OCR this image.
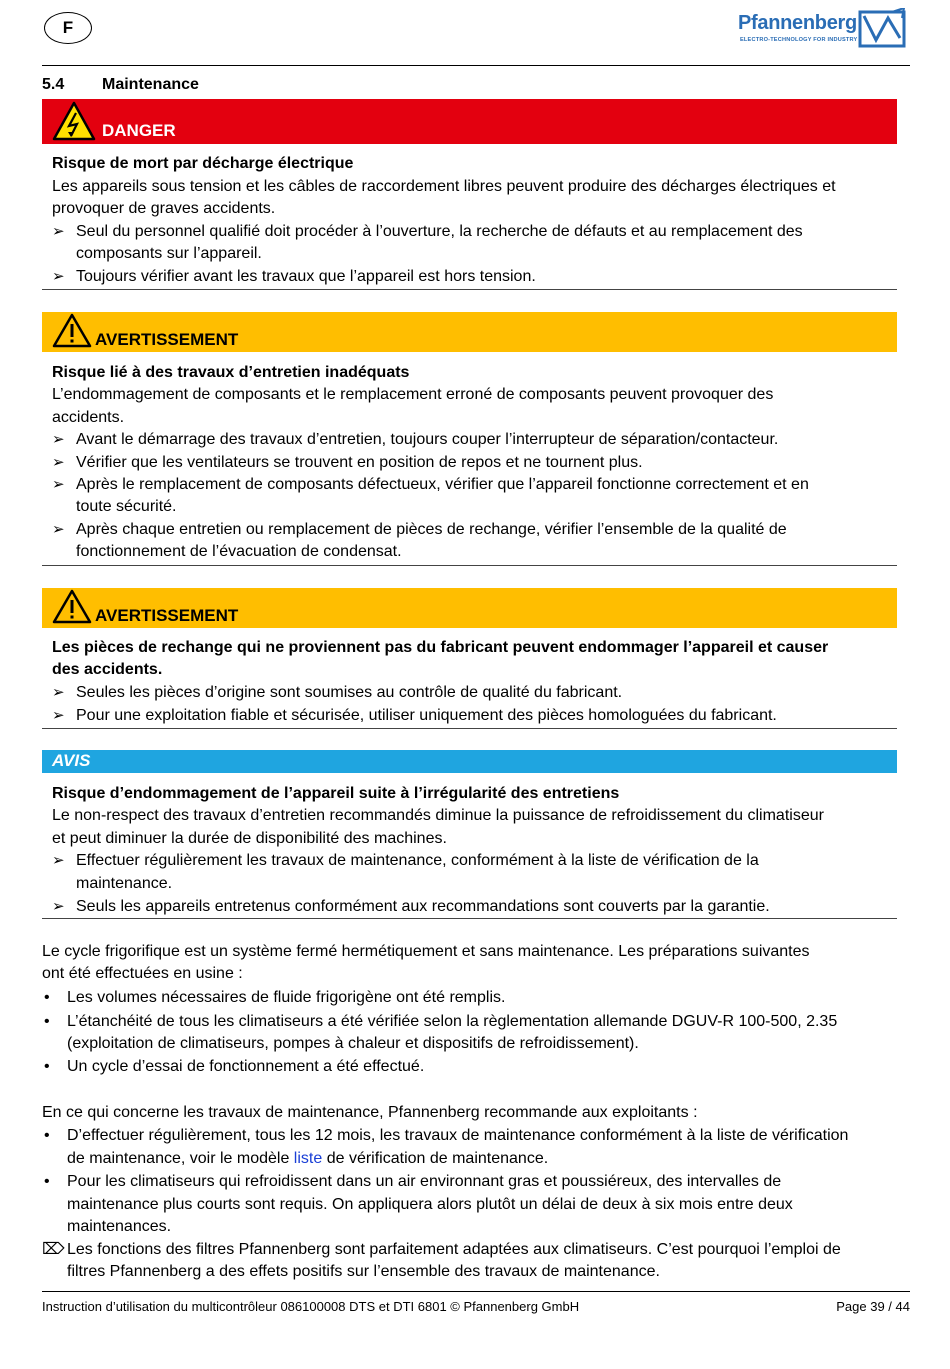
F	Pfannenberg
ELECTRO-TECHNOLOGY FOR INDUSTRY
5.4 Maintenance
DANGER
Risque de mort par décharge électrique
Les appareils sous tension et les câbles de raccordement libres peuvent produire des décharges électriques et
provoquer de graves accidents.
➢ Seul du personnel qualifié doit procéder à l’ouverture, la recherche de défauts et au remplacement des
composants sur l’appareil.
➢ Toujours vérifier avant les travaux que l’appareil est hors tension.
AVERTISSEMENT
Risque lié à des travaux d’entretien inadéquats
L’endommagement de composants et le remplacement erroné de composants peuvent provoquer des
accidents.
➢ Avant le démarrage des travaux d’entretien, toujours couper l’interrupteur de séparation/contacteur.
➢ Vérifier que les ventilateurs se trouvent en position de repos et ne tournent plus.
➢ Après le remplacement de composants défectueux, vérifier que l’appareil fonctionne correctement et en
toute sécurité.
➢ Après chaque entretien ou remplacement de pièces de rechange, vérifier l’ensemble de la qualité de
fonctionnement de l’évacuation de condensat.
AVERTISSEMENT
Les pièces de rechange qui ne proviennent pas du fabricant peuvent endommager l’appareil et causer
des accidents.
➢ Seules les pièces d’origine sont soumises au contrôle de qualité du fabricant.
➢ Pour une exploitation fiable et sécurisée, utiliser uniquement des pièces homologuées du fabricant.
AVIS
Risque d’endommagement de l’appareil suite à l’irrégularité des entretiens
Le non-respect des travaux d’entretien recommandés diminue la puissance de refroidissement du climatiseur
et peut diminuer la durée de disponibilité des machines.
➢ Effectuer régulièrement les travaux de maintenance, conformément à la liste de vérification de la
maintenance.
➢ Seuls les appareils entretenus conformément aux recommandations sont couverts par la garantie.
Le cycle frigorifique est un système fermé hermétiquement et sans maintenance. Les préparations suivantes
ont été effectuées en usine :
• Les volumes nécessaires de fluide frigorigène ont été remplis.
• L’étanchéité de tous les climatiseurs a été vérifiée selon la règlementation allemande DGUV-R 100-500, 2.35
(exploitation de climatiseurs, pompes à chaleur et dispositifs de refroidissement).
• Un cycle d’essai de fonctionnement a été effectué.
En ce qui concerne les travaux de maintenance, Pfannenberg recommande aux exploitants :
• D’effectuer régulièrement, tous les 12 mois, les travaux de maintenance conformément à la liste de vérification
de maintenance, voir le modèle liste de vérification de maintenance.
• Pour les climatiseurs qui refroidissent dans un air environnant gras et poussiéreux, des intervalles de
maintenance plus courts sont requis. On appliquera alors plutôt un délai de deux à six mois entre deux
maintenances.
⌦ Les fonctions des filtres Pfannenberg sont parfaitement adaptées aux climatiseurs. C’est pourquoi l’emploi de
filtres Pfannenberg a des effets positifs sur l’ensemble des travaux de maintenance.
Instruction d’utilisation du multicontrôleur 086100008 DTS et DTI 6801 © Pfannenberg GmbH	Page 39 / 44
